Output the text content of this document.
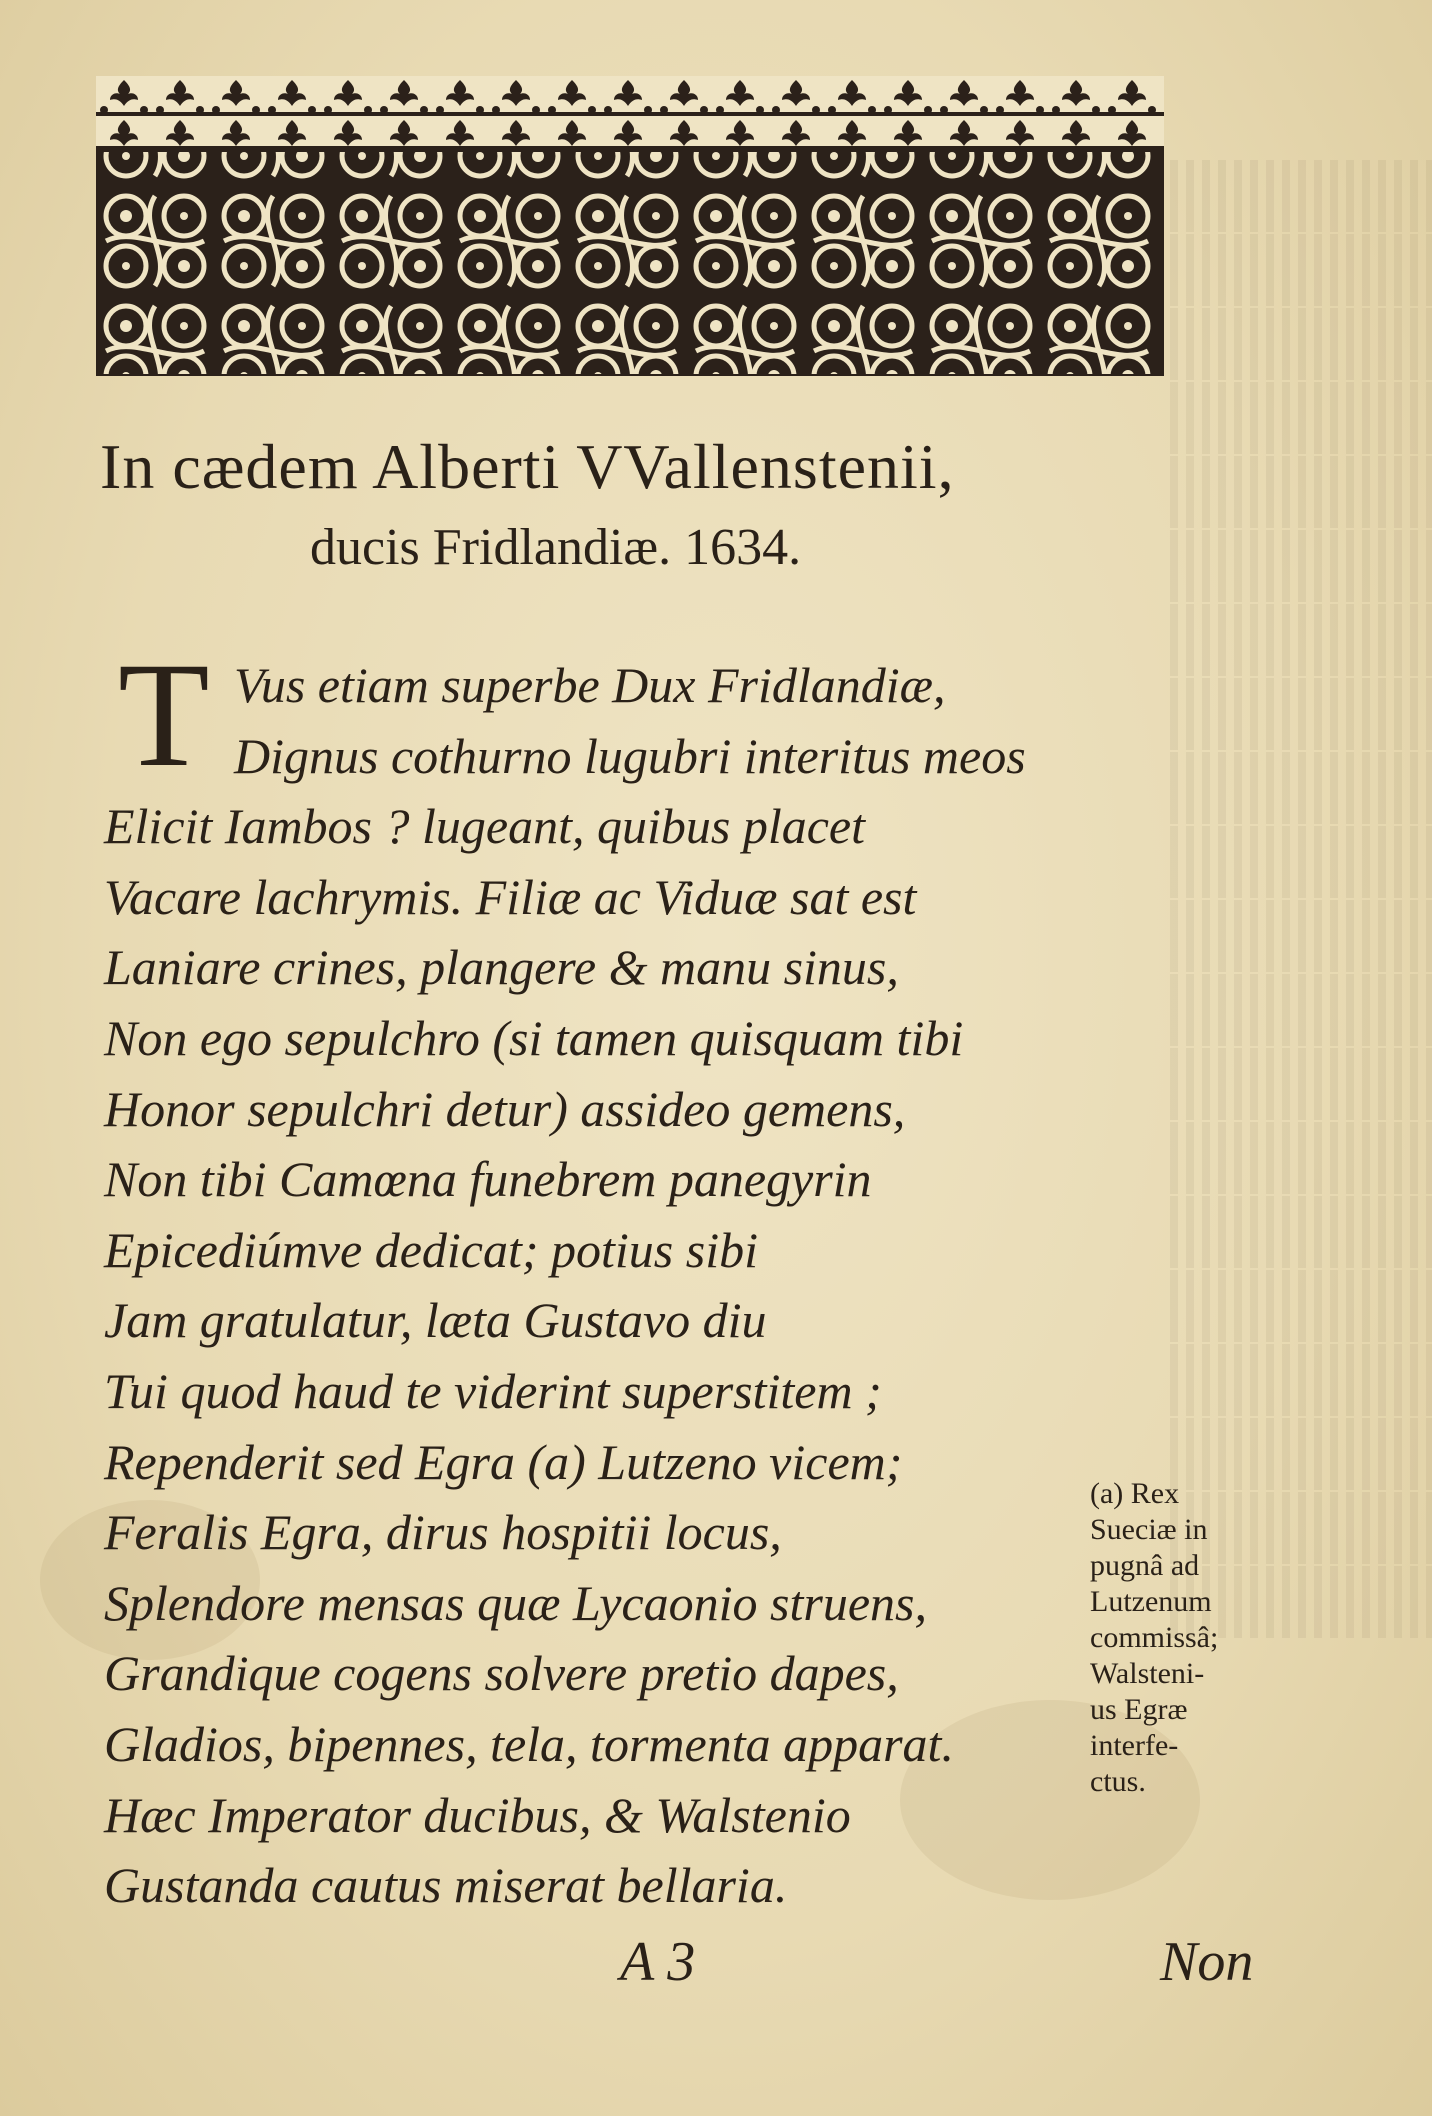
In cædem Alberti VVallenstenii,
ducis Fridlandiæ. 1634.
T Vus etiam superbe Dux Fridlandiæ,
Dignus cothurno lugubri interitus meos
Elicit Iambos ? lugeant, quibus placet
Vacare lachrymis. Filiæ ac Viduæ sat est
Laniare crines, plangere & manu sinus,
Non ego sepulchro (si tamen quisquam tibi
Honor sepulchri detur) assideo gemens,
Non tibi Camœna funebrem panegyrin
Epicediúmve dedicat; potius sibi
Jam gratulatur, læta Gustavo diu
Tui quod haud te viderint superstitem ;
Rependerit sed Egra (a) Lutzeno vicem;
Feralis Egra, dirus hospitii locus,
Splendore mensas quæ Lycaonio struens,
Grandique cogens solvere pretio dapes,
Gladios, bipennes, tela, tormenta apparat.
Hæc Imperator ducibus, & Walstenio
Gustanda cautus miserat bellaria.
(a) Rex
Sueciæ in
pugnâ ad
Lutzenum
commissâ;
Walsteni-
us Egræ
interfe-
ctus.
A 3	Non
